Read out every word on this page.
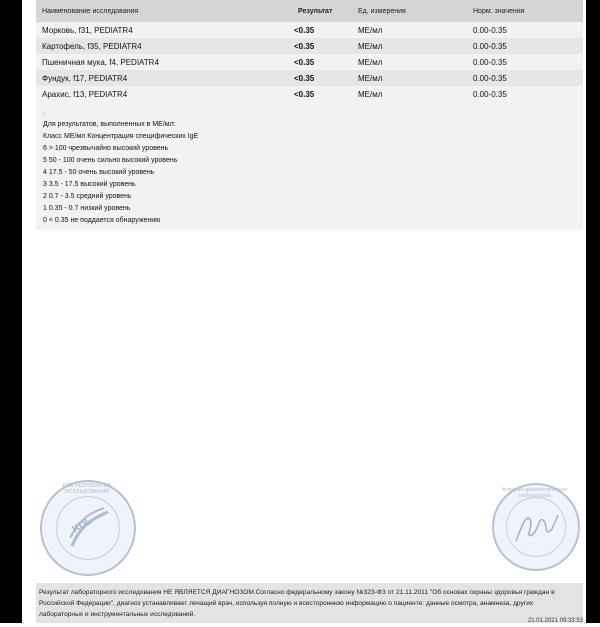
Наименование исследования	Результат	Ед. измерения	Норм. значения
Морковь, f31, PEDIATR4	<0.35	МЕ/мл	0.00-0.35
Картофель, f35, PEDIATR4	<0.35	МЕ/мл	0.00-0.35
Пшеничная мука, f4, PEDIATR4	<0.35	МЕ/мл	0.00-0.35
Фундук, f17, PEDIATR4	<0.35	МЕ/мл	0.00-0.35
Арахис, f13, PEDIATR4	<0.35	МЕ/мл	0.00-0.35
.
Для результатов, выполненных в МЕ/мл:
Класс МЕ/мл Концентрация специфических IgE
6 > 100 чрезвычайно высокий уровень
5 50 - 100 очень сильно высокий уровень
4 17.5 - 50 очень высокий уровень
3 3.5 - 17.5 высокий уровень
2 0.7 - 3.5 средний уровень
1 0.35 - 0.7 низкий уровень
0 < 0.35 не поддается обнаружению
ДЛЯ РЕЗУЛЬТАТОВ ИССЛЕДОВАНИЙ
KDL
Клинико-диагностическая лаборатория

Результат лабораторного исследования НЕ ЯВЛЯЕТСЯ ДИАГНОЗОМ.Согласно федеральному закону №323-ФЗ от 21.11.2011 "Об основах охраны здоровья граждан в Российской Федерации", диагноз устанавливает лечащий врач, используя полную и всестороннюю информацию о пациенте: данные осмотра, анамнеза, других лабораторных и инструментальных исследований.

21.01.2021 09:33:53
